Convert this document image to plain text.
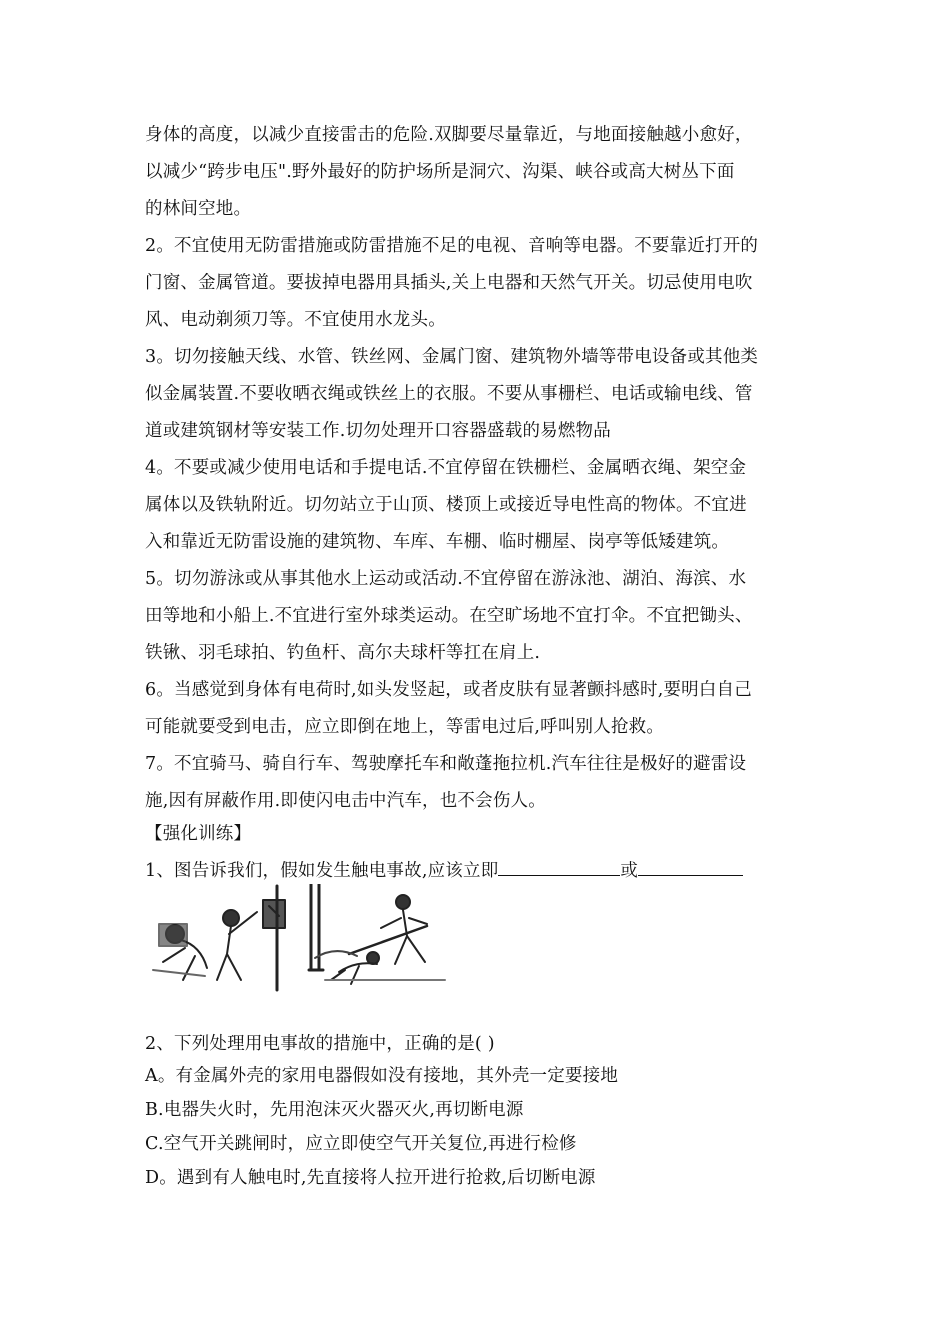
身体的高度，以减少直接雷击的危险.双脚要尽量靠近，与地面接触越小愈好，
以减少“跨步电压".野外最好的防护场所是洞穴、沟渠、峡谷或高大树丛下面
的林间空地。
2。不宜使用无防雷措施或防雷措施不足的电视、音响等电器。不要靠近打开的
门窗、金属管道。要拔掉电器用具插头,关上电器和天然气开关。切忌使用电吹
风、电动剃须刀等。不宜使用水龙头。
3。切勿接触天线、水管、铁丝网、金属门窗、建筑物外墙等带电设备或其他类
似金属装置.不要收晒衣绳或铁丝上的衣服。不要从事栅栏、电话或输电线、管
道或建筑钢材等安装工作.切勿处理开口容器盛载的易燃物品
4。不要或减少使用电话和手提电话.不宜停留在铁栅栏、金属晒衣绳、架空金
属体以及铁轨附近。切勿站立于山顶、楼顶上或接近导电性高的物体。不宜进
入和靠近无防雷设施的建筑物、车库、车棚、临时棚屋、岗亭等低矮建筑。
5。切勿游泳或从事其他水上运动或活动.不宜停留在游泳池、湖泊、海滨、水
田等地和小船上.不宜进行室外球类运动。在空旷场地不宜打伞。不宜把锄头、
铁锹、羽毛球拍、钓鱼杆、高尔夫球杆等扛在肩上.
6。当感觉到身体有电荷时,如头发竖起，或者皮肤有显著颤抖感时,要明白自己
可能就要受到电击，应立即倒在地上，等雷电过后,呼叫别人抢救。
7。不宜骑马、骑自行车、驾驶摩托车和敞蓬拖拉机.汽车往往是极好的避雷设
施,因有屏蔽作用.即使闪电击中汽车，也不会伤人。
【强化训练】
1、图告诉我们，假如发生触电事故,应该立即	或
2、下列处理用电事故的措施中，正确的是( )
A。有金属外壳的家用电器假如没有接地，其外壳一定要接地
B.电器失火时，先用泡沫灭火器灭火,再切断电源
C.空气开关跳闸时，应立即使空气开关复位,再进行检修
D。遇到有人触电时,先直接将人拉开进行抢救,后切断电源
